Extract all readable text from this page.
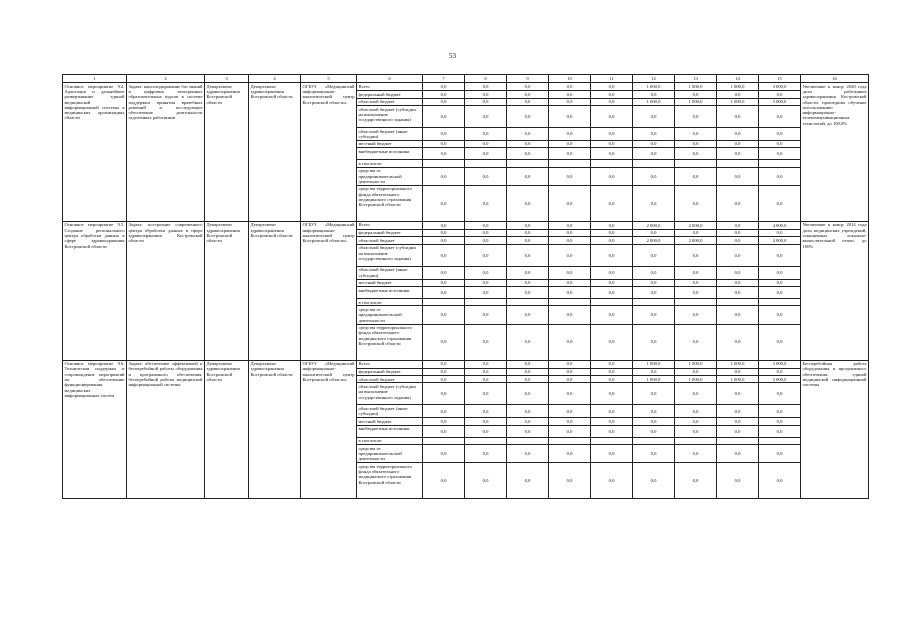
53
1	2	3	4	5	6	7	8	9	10	11	12	13	14	15	16
Основное мероприятие 9.4. Адаптация и дальнейшее развертывание единой медицинской информационной системы в медицинских организациях области	Задача: консолидирование баз знаний и цифровых электронных образовательных курсов в системе поддержки принятия врачебных решений и последующее обеспечение деятельности отделенных работников	Департамент здравоохранения Костромской области	Департамент здравоохранения Костромской области	ОГБУЗ «Медицинский информационно-аналитический центр Костромской области»	Всего	0,0	0,0	0,0	0,0	0,0	1 000,0	1 000,0	1 000,0	3 000,0	Увеличение к концу 2020 года доли работников здравоохранения Костромской области, прошедших обучение использованию информационно-телекоммуникационных технологий, до 100,0%
					федеральный бюджет	0,0	0,0	0,0	0,0	0,0	0,0	0,0	0,0	0,0	
					областной бюджет	0,0	0,0	0,0	0,0	0,0	1 000,0	1 000,0	1 000,0	3 000,0	
					областной бюджет (субсидии на выполнение государственного задания)	0,0	0,0	0,0	0,0	0,0	0,0	0,0	0,0	0,0	
					областной бюджет (иные субсидии)	0,0	0,0	0,0	0,0	0,0	0,0	0,0	0,0	0,0	
					местный бюджет	0,0	0,0	0,0	0,0	0,0	0,0	0,0	0,0	0,0	
					внебюджетные источники	0,0	0,0	0,0	0,0	0,0	0,0	0,0	0,0	0,0	
					в том числе:										
					средства от предпринимательской деятельности	0,0	0,0	0,0	0,0	0,0	0,0	0,0	0,0	0,0	
					средства территориального фонда обязательного медицинского страхования Костромской области	0,0	0,0	0,0	0,0	0,0	0,0	0,0	0,0	0,0	
Основное мероприятие 9.5. Создание регионального центра обработки данных в сфере здравоохранения Костромской области	Задача: построение современного центра обработки данных в сфере здравоохранения Костромской области	Департамент здравоохранения Костромской области	Департамент здравоохранения Костромской области	ОГБУЗ «Медицинский информационно-аналитический центр Костромской области»	Всего	0,0	0,0	0,0	0,0	0,0	2 000,0	2 000,0	0,0	4 000,0	Увеличение к концу 2014 года доли медицинских учреждений, оснащенных локально-вычислительной сетью, до 100%
					федеральный бюджет	0,0	0,0	0,0	0,0	0,0	0,0	0,0	0,0	0,0	
					областной бюджет	0,0	0,0	0,0	0,0	0,0	2 000,0	2 000,0	0,0	4 000,0	
					областной бюджет (субсидии на выполнение государственного задания)	0,0	0,0	0,0	0,0	0,0	0,0	0,0	0,0	0,0	
					областной бюджет (иные субсидии)	0,0	0,0	0,0	0,0	0,0	0,0	0,0	0,0	0,0	
					местный бюджет	0,0	0,0	0,0	0,0	0,0	0,0	0,0	0,0	0,0	
					внебюджетные источники	0,0	0,0	0,0	0,0	0,0	0,0	0,0	0,0	0,0	
					в том числе:										
					средства от предпринимательской деятельности	0,0	0,0	0,0	0,0	0,0	0,0	0,0	0,0	0,0	
					средства территориального фонда обязательного медицинского страхования Костромской области	0,0	0,0	0,0	0,0	0,0	0,0	0,0	0,0	0,0	
Основное мероприятие 9.6. Техническая поддержка и сопровождение мероприятий по обеспечению функционирования медицинских информационных систем	Задача: обеспечение эффективной и бесперебойной работы оборудования и программного обеспечения, бесперебойной работы медицинской информационной системы	Департамент здравоохранения Костромской области	Департамент здравоохранения Костромской области	ОГБУЗ «Медицинский информационно-аналитический центр Костромской области»	Всего	0,0	0,0	0,0	0,0	0,0	1 000,0	1 000,0	1 000,0	3 000,0	Бесперебойная работа оборудования и программного обеспечения, единой медицинской информационной системы
					федеральный бюджет	0,0	0,0	0,0	0,0	0,0	0,0	0,0	0,0	0,0	
					областной бюджет	0,0	0,0	0,0	0,0	0,0	1 000,0	1 000,0	1 000,0	3 000,0	
					областной бюджет (субсидии на выполнение государственного задания)	0,0	0,0	0,0	0,0	0,0	0,0	0,0	0,0	0,0	
					областной бюджет (иные субсидии)	0,0	0,0	0,0	0,0	0,0	0,0	0,0	0,0	0,0	
					местный бюджет	0,0	0,0	0,0	0,0	0,0	0,0	0,0	0,0	0,0	
					внебюджетные источники	0,0	0,0	0,0	0,0	0,0	0,0	0,0	0,0	0,0	
					в том числе:										
					средства от предпринимательской деятельности	0,0	0,0	0,0	0,0	0,0	0,0	0,0	0,0	0,0	
					средства территориального фонда обязательного медицинского страхования Костромской области	0,0	0,0	0,0	0,0	0,0	0,0	0,0	0,0	0,0	
